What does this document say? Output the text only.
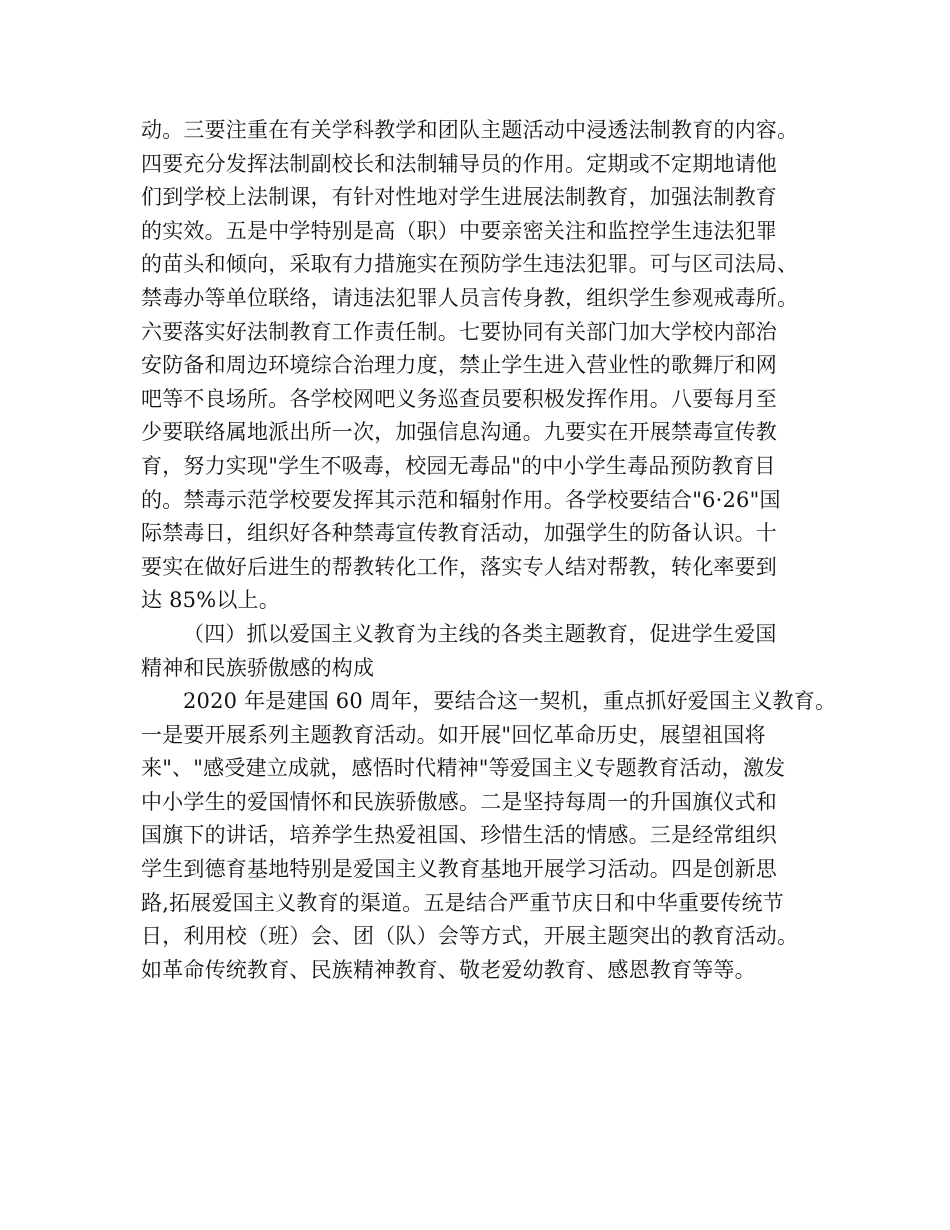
动。三要注重在有关学科教学和团队主题活动中浸透法制教育的内容。
四要充分发挥法制副校长和法制辅导员的作用。定期或不定期地请他
们到学校上法制课，有针对性地对学生进展法制教育，加强法制教育
的实效。五是中学特别是高（职）中要亲密关注和监控学生违法犯罪
的苗头和倾向，采取有力措施实在预防学生违法犯罪。可与区司法局、
禁毒办等单位联络，请违法犯罪人员言传身教，组织学生参观戒毒所。
六要落实好法制教育工作责任制。七要协同有关部门加大学校内部治
安防备和周边环境综合治理力度，禁止学生进入营业性的歌舞厅和网
吧等不良场所。各学校网吧义务巡查员要积极发挥作用。八要每月至
少要联络属地派出所一次，加强信息沟通。九要实在开展禁毒宣传教
育，努力实现"学生不吸毒，校园无毒品"的中小学生毒品预防教育目
的。禁毒示范学校要发挥其示范和辐射作用。各学校要结合"6·26"国
际禁毒日，组织好各种禁毒宣传教育活动，加强学生的防备认识。十
要实在做好后进生的帮教转化工作，落实专人结对帮教，转化率要到
达 85%以上。
（四）抓以爱国主义教育为主线的各类主题教育，促进学生爱国
精神和民族骄傲感的构成
2020 年是建国 60 周年，要结合这一契机，重点抓好爱国主义教育。
一是要开展系列主题教育活动。如开展"回忆革命历史，展望祖国将
来"、"感受建立成就，感悟时代精神"等爱国主义专题教育活动，激发
中小学生的爱国情怀和民族骄傲感。二是坚持每周一的升国旗仪式和
国旗下的讲话，培养学生热爱祖国、珍惜生活的情感。三是经常组织
学生到德育基地特别是爱国主义教育基地开展学习活动。四是创新思
路,拓展爱国主义教育的渠道。五是结合严重节庆日和中华重要传统节
日，利用校（班）会、团（队）会等方式，开展主题突出的教育活动。
如革命传统教育、民族精神教育、敬老爱幼教育、感恩教育等等。
